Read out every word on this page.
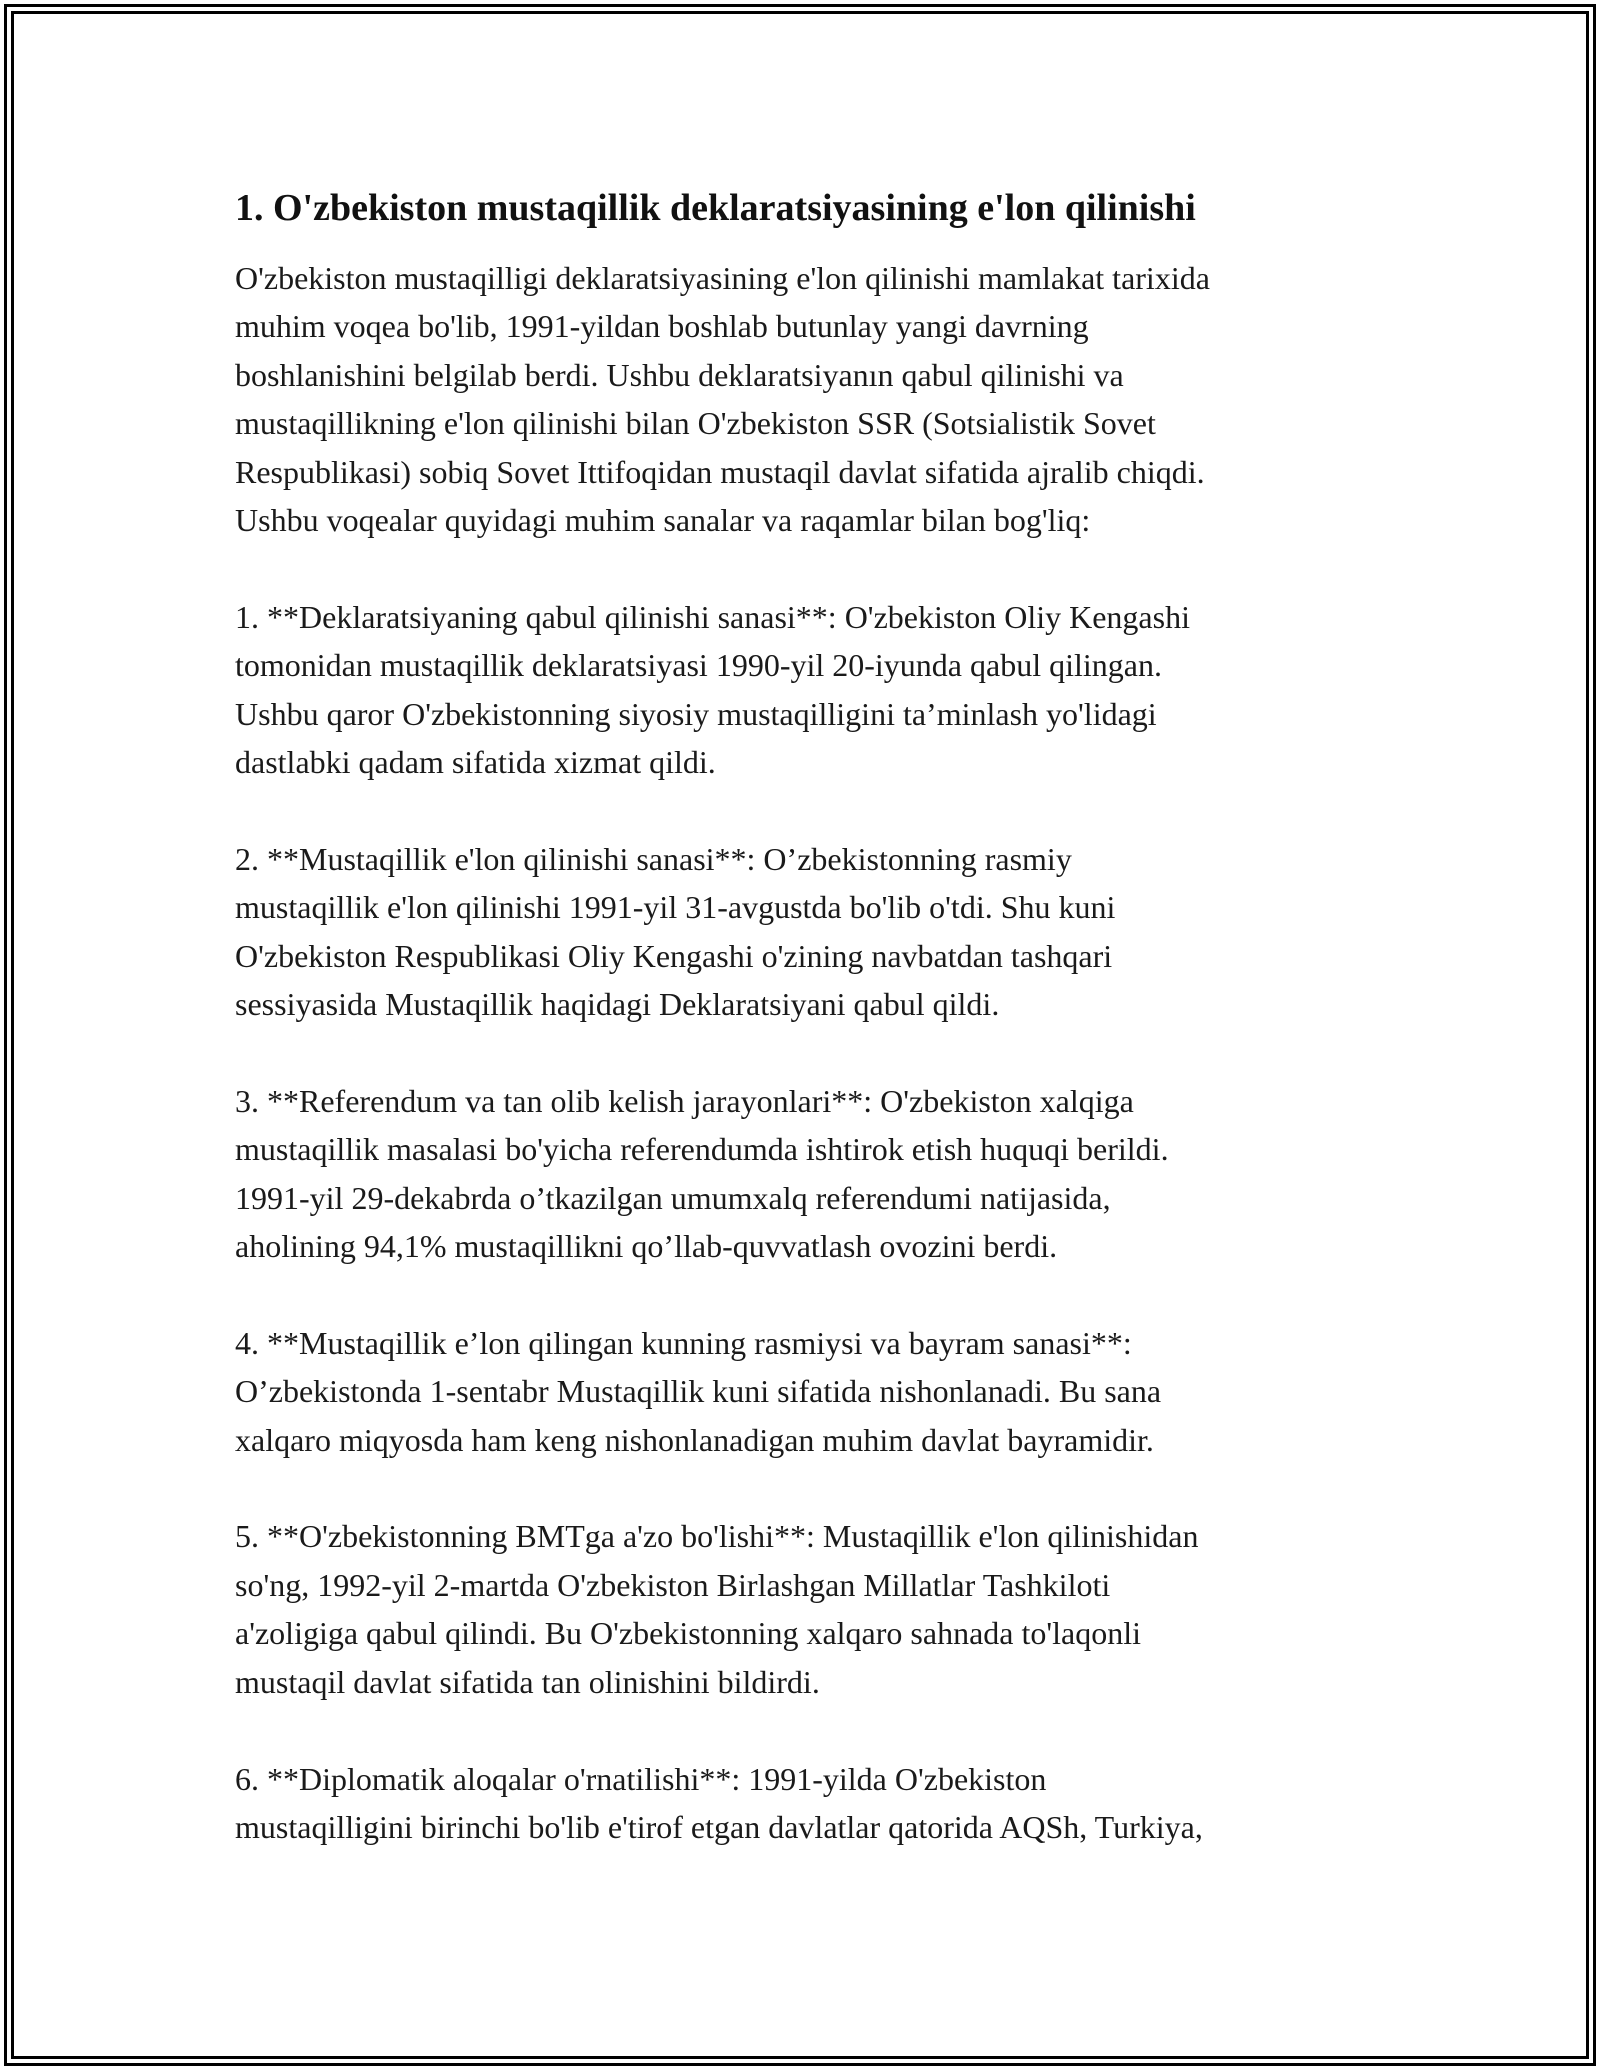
1. O'zbekiston mustaqillik deklaratsiyasining e'lon qilinishi
O'zbekiston mustaqilligi deklaratsiyasining e'lon qilinishi mamlakat tarixida
muhim voqea bo'lib, 1991-yildan boshlab butunlay yangi davrning
boshlanishini belgilab berdi. Ushbu deklaratsiyanın qabul qilinishi va
mustaqillikning e'lon qilinishi bilan O'zbekiston SSR (Sotsialistik Sovet
Respublikasi) sobiq Sovet Ittifoqidan mustaqil davlat sifatida ajralib chiqdi.
Ushbu voqealar quyidagi muhim sanalar va raqamlar bilan bog'liq:
1. **Deklaratsiyaning qabul qilinishi sanasi**: O'zbekiston Oliy Kengashi
tomonidan mustaqillik deklaratsiyasi 1990-yil 20-iyunda qabul qilingan.
Ushbu qaror O'zbekistonning siyosiy mustaqilligini ta’minlash yo'lidagi
dastlabki qadam sifatida xizmat qildi.
2. **Mustaqillik e'lon qilinishi sanasi**: O’zbekistonning rasmiy
mustaqillik e'lon qilinishi 1991-yil 31-avgustda bo'lib o'tdi. Shu kuni
O'zbekiston Respublikasi Oliy Kengashi o'zining navbatdan tashqari
sessiyasida Mustaqillik haqidagi Deklaratsiyani qabul qildi.
3. **Referendum va tan olib kelish jarayonlari**: O'zbekiston xalqiga
mustaqillik masalasi bo'yicha referendumda ishtirok etish huquqi berildi.
1991-yil 29-dekabrda o’tkazilgan umumxalq referendumi natijasida,
aholining 94,1% mustaqillikni qo’llab-quvvatlash ovozini berdi.
4. **Mustaqillik e’lon qilingan kunning rasmiysi va bayram sanasi**:
O’zbekistonda 1-sentabr Mustaqillik kuni sifatida nishonlanadi. Bu sana
xalqaro miqyosda ham keng nishonlanadigan muhim davlat bayramidir.
5. **O'zbekistonning BMTga a'zo bo'lishi**: Mustaqillik e'lon qilinishidan
so'ng, 1992-yil 2-martda O'zbekiston Birlashgan Millatlar Tashkiloti
a'zoligiga qabul qilindi. Bu O'zbekistonning xalqaro sahnada to'laqonli
mustaqil davlat sifatida tan olinishini bildirdi.
6. **Diplomatik aloqalar o'rnatilishi**: 1991-yilda O'zbekiston
mustaqilligini birinchi bo'lib e'tirof etgan davlatlar qatorida AQSh, Turkiya,
